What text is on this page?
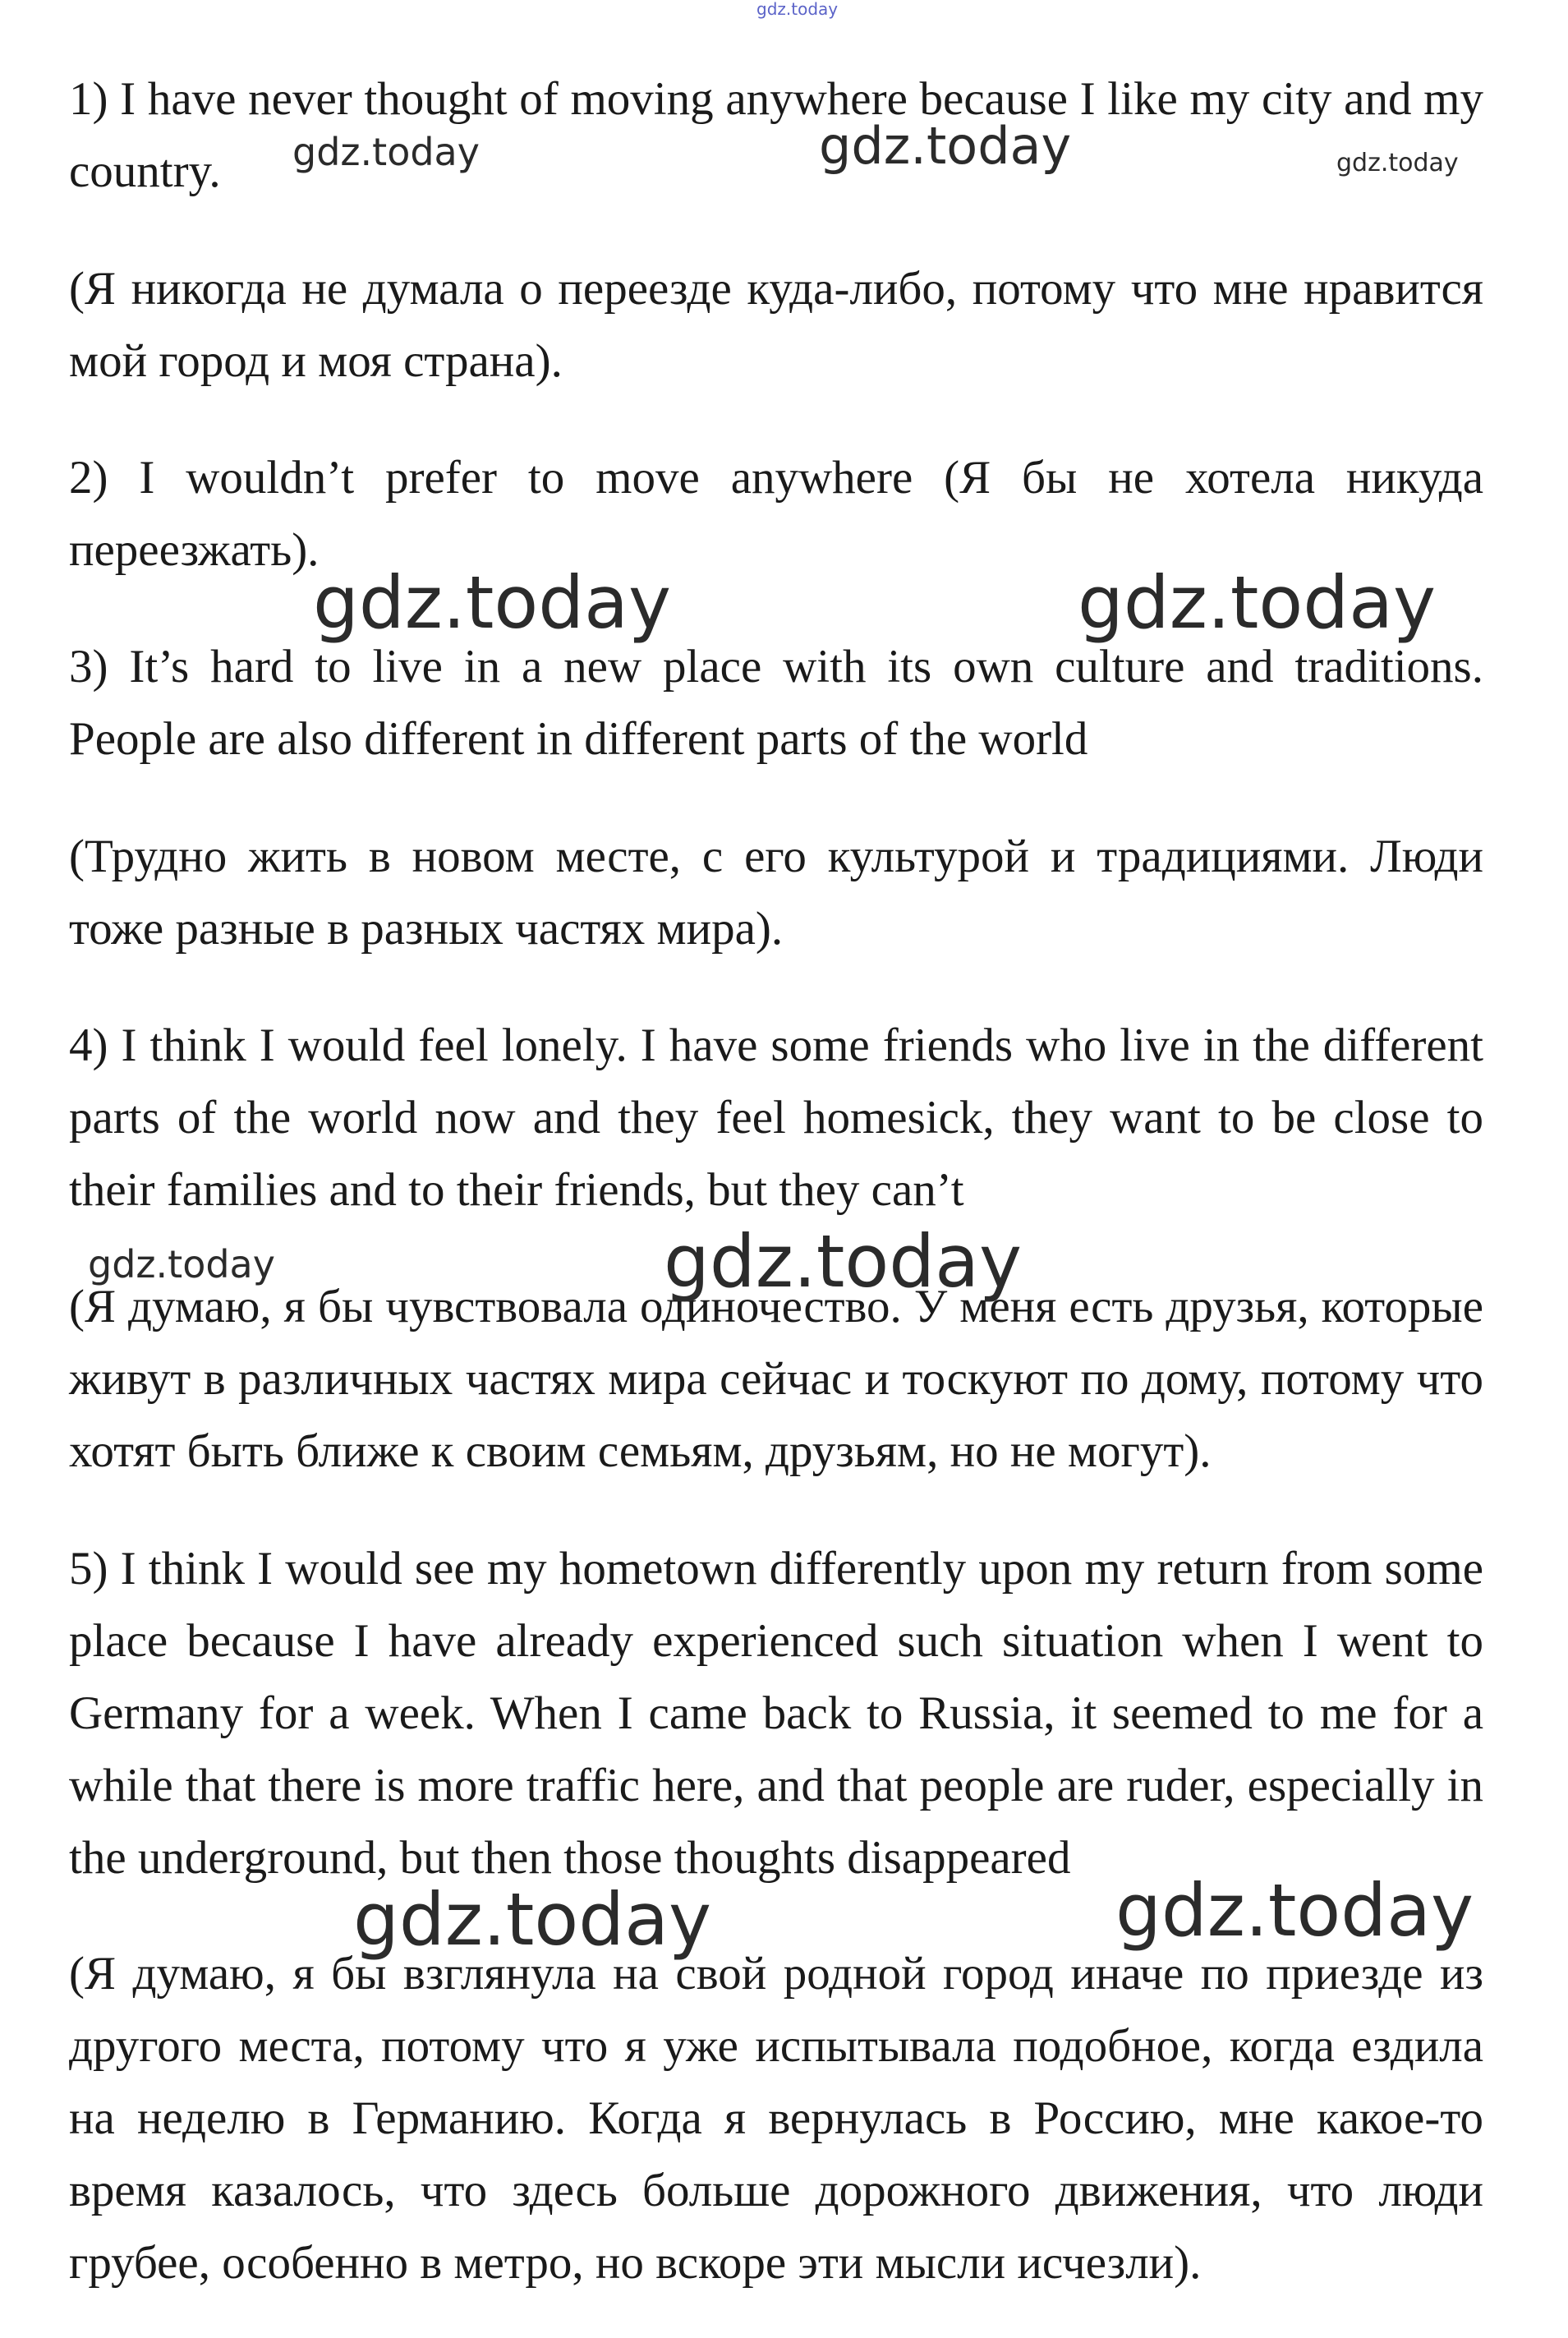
gdz.today

1) I have never thought of moving anywhere because I like my city and my country.

(Я никогда не думала о переезде куда-либо, потому что мне нравится мой город и моя страна).

2) I wouldn’t prefer to move anywhere (Я бы не хотела никуда переезжать).

3) It’s hard to live in a new place with its own culture and traditions. People are also different in different parts of the world

(Трудно жить в новом месте, с его культурой и традициями. Люди тоже разные в разных частях мира).

4) I think I would feel lonely. I have some friends who live in the different parts of the world now and they feel homesick, they want to be close to their families and to their friends, but they can’t

(Я думаю, я бы чувствовала одиночество. У меня есть друзья, которые живут в различных частях мира сейчас и тоскуют по дому, потому что хотят быть ближе к своим семьям, друзьям, но не могут).

5) I think I would see my hometown differently upon my return from some place because I have already experienced such situation when I went to Germany for a week. When I came back to Russia, it seemed to me for a while that there is more traffic here, and that people are ruder, especially in the underground, but then those thoughts disappeared

(Я думаю, я бы взглянула на свой родной город иначе по приезде из другого места, потому что я уже испытывала подобное, когда ездила на неделю в Германию. Когда я вернулась в Россию, мне какое-то время казалось, что здесь больше дорожного движения, что люди грубее, особенно в метро, но вскоре эти мысли исчезли).

gdz.today	gdz.today	gdz.today
gdz.today	gdz.today
gdz.today	gdz.today
gdz.today	gdz.today
